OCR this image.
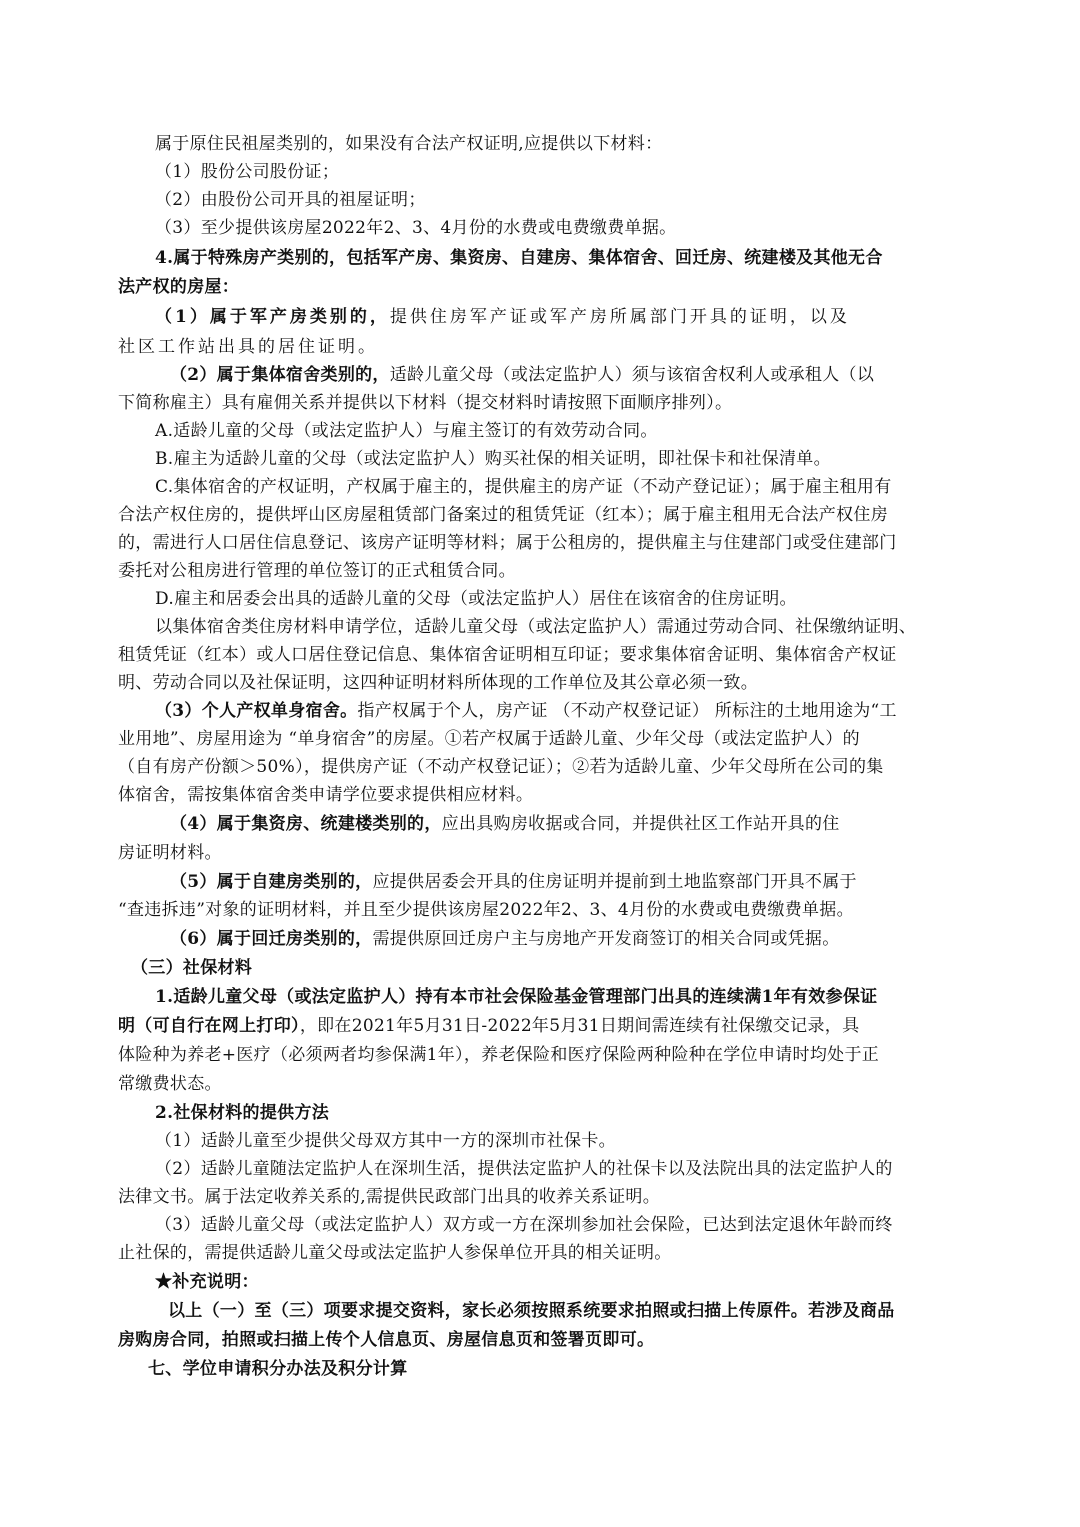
属于原住民祖屋类别的，如果没有合法产权证明,应提供以下材料：
（1）股份公司股份证；
（2）由股份公司开具的祖屋证明；
（3）至少提供该房屋2022年2、3、4月份的水费或电费缴费单据。
4.属于特殊房产类别的，包括军产房、集资房、自建房、集体宿舍、回迁房、统建楼及其他无合
法产权的房屋：
（1）属于军产房类别的，提供住房军产证或军产房所属部门开具的证明，以及
社区工作站出具的居住证明。
（2）属于集体宿舍类别的，适龄儿童父母（或法定监护人）须与该宿舍权利人或承租人（以
下简称雇主）具有雇佣关系并提供以下材料（提交材料时请按照下面顺序排列）。
A.适龄儿童的父母（或法定监护人）与雇主签订的有效劳动合同。
B.雇主为适龄儿童的父母（或法定监护人）购买社保的相关证明，即社保卡和社保清单。
C.集体宿舍的产权证明，产权属于雇主的，提供雇主的房产证（不动产登记证）；属于雇主租用有
合法产权住房的，提供坪山区房屋租赁部门备案过的租赁凭证（红本）；属于雇主租用无合法产权住房
的，需进行人口居住信息登记、该房产证明等材料；属于公租房的，提供雇主与住建部门或受住建部门
委托对公租房进行管理的单位签订的正式租赁合同。
D.雇主和居委会出具的适龄儿童的父母（或法定监护人）居住在该宿舍的住房证明。
以集体宿舍类住房材料申请学位，适龄儿童父母（或法定监护人）需通过劳动合同、社保缴纳证明、
租赁凭证（红本）或人口居住登记信息、集体宿舍证明相互印证；要求集体宿舍证明、集体宿舍产权证
明、劳动合同以及社保证明，这四种证明材料所体现的工作单位及其公章必须一致。
（3）个人产权单身宿舍。指产权属于个人，房产证 （不动产权登记证） 所标注的土地用途为“工
业用地”、房屋用途为 “单身宿舍”的房屋。①若产权属于适龄儿童、少年父母（或法定监护人）的
（自有房产份额＞50%），提供房产证（不动产权登记证）；②若为适龄儿童、少年父母所在公司的集
体宿舍，需按集体宿舍类申请学位要求提供相应材料。
（4）属于集资房、统建楼类别的，应出具购房收据或合同，并提供社区工作站开具的住
房证明材料。
（5）属于自建房类别的，应提供居委会开具的住房证明并提前到土地监察部门开具不属于
“查违拆违”对象的证明材料，并且至少提供该房屋2022年2、3、4月份的水费或电费缴费单据。
（6）属于回迁房类别的，需提供原回迁房户主与房地产开发商签订的相关合同或凭据。
（三）社保材料
1.适龄儿童父母（或法定监护人）持有本市社会保险基金管理部门出具的连续满1年有效参保证
明（可自行在网上打印），即在2021年5月31日-2022年5月31日期间需连续有社保缴交记录，具
体险种为养老+医疗（必须两者均参保满1年），养老保险和医疗保险两种险种在学位申请时均处于正
常缴费状态。
2.社保材料的提供方法
（1）适龄儿童至少提供父母双方其中一方的深圳市社保卡。
（2）适龄儿童随法定监护人在深圳生活，提供法定监护人的社保卡以及法院出具的法定监护人的
法律文书。属于法定收养关系的,需提供民政部门出具的收养关系证明。
（3）适龄儿童父母（或法定监护人）双方或一方在深圳参加社会保险，已达到法定退休年龄而终
止社保的，需提供适龄儿童父母或法定监护人参保单位开具的相关证明。
★补充说明：
以上（一）至（三）项要求提交资料，家长必须按照系统要求拍照或扫描上传原件。若涉及商品
房购房合同，拍照或扫描上传个人信息页、房屋信息页和签署页即可。
七、学位申请积分办法及积分计算
